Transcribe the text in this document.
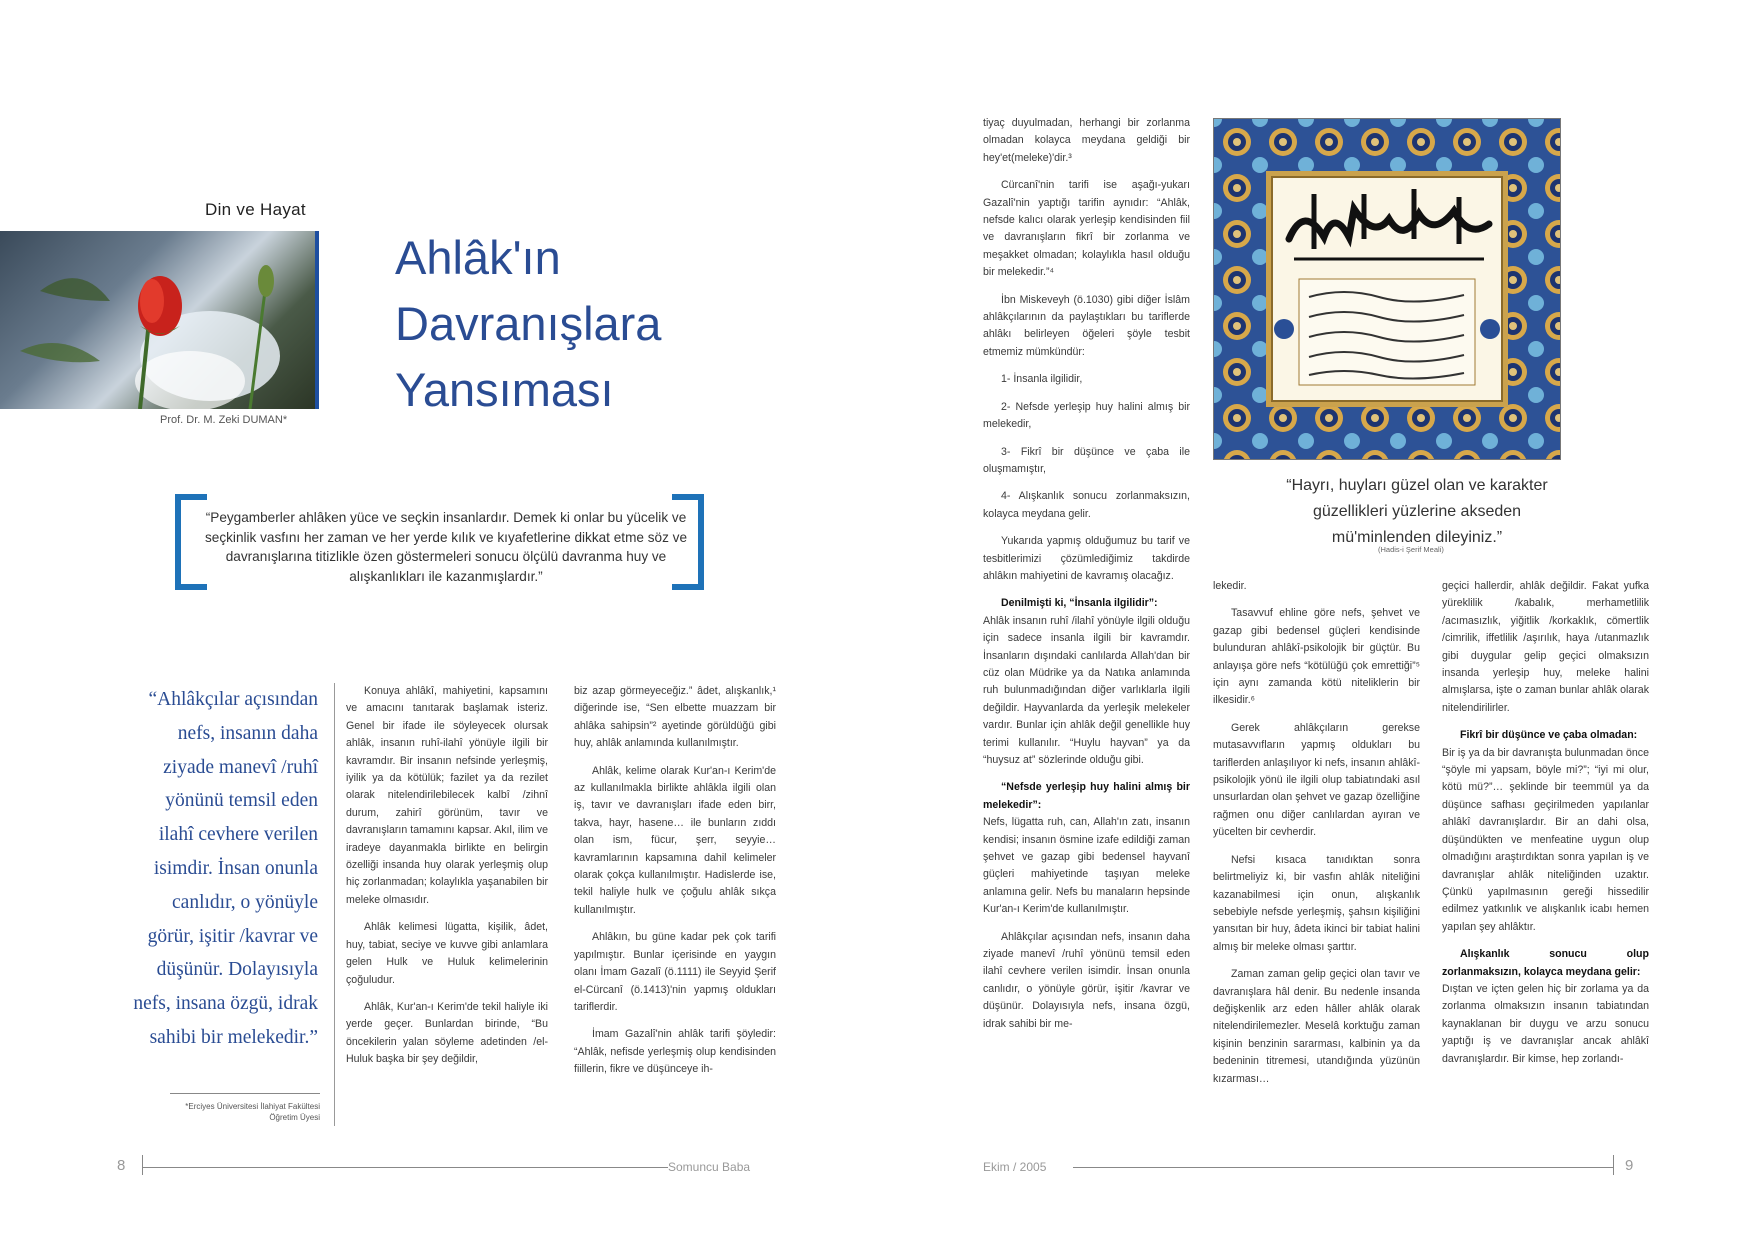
Din ve Hayat
Prof. Dr. M. Zeki DUMAN*
Ahlâk'ın
Davranışlara
Yansıması
“Peygamberler ahlâken yüce ve seçkin insanlardır. Demek ki onlar bu yücelik ve seçkinlik vasfını her zaman ve her yerde kılık ve kıyafetlerine dikkat etme söz ve davranışlarına titizlikle özen göstermeleri sonucu ölçülü davranma huy ve alışkanlıkları ile kazanmışlardır.”
“Ahlâkçılar açısından nefs, insanın daha ziyade manevî /ruhî yönünü temsil eden ilahî cevhere verilen isimdir. İnsan onunla canlıdır, o yönüyle görür, işitir /kavrar ve düşünür. Dolayısıyla nefs, insana özgü, idrak sahibi bir melekedir.”
*Erciyes Üniversitesi İlahiyat Fakültesi Öğretim Üyesi

Konuya ahlâkî, mahiyetini, kapsamını ve amacını tanıtarak başlamak isteriz. Genel bir ifade ile söyleyecek olursak ahlâk, insanın ruhî-ilahî yönüyle ilgili bir kavramdır. Bir insanın nefsinde yerleşmiş, iyilik ya da kötülük; fazilet ya da rezilet olarak nitelendirilebilecek kalbî /zihnî durum, zahirî görünüm, tavır ve davranışların tamamını kapsar. Akıl, ilim ve iradeye dayanmakla birlikte en belirgin özelliği insanda huy olarak yerleşmiş olup hiç zorlanmadan; kolaylıkla yaşanabilen bir meleke olmasıdır.

Ahlâk kelimesi lügatta, kişilik, âdet, huy, tabiat, seciye ve kuvve gibi anlamlara gelen Hulk ve Huluk kelimelerinin çoğuludur.

Ahlâk, Kur'an-ı Kerim'de tekil haliyle iki yerde geçer. Bunlardan birinde, “Bu öncekilerin yalan söyleme adetinden /el-Huluk başka bir şey değildir,

biz azap görmeyeceğiz.” âdet, alışkanlık,¹ diğerinde ise, “Sen elbette muazzam bir ahlâka sahipsin”² ayetinde görüldüğü gibi huy, ahlâk anlamında kullanılmıştır.

Ahlâk, kelime olarak Kur'an-ı Kerim'de az kullanılmakla birlikte ahlâkla ilgili olan iş, tavır ve davranışları ifade eden birr, takva, hayr, hasene… ile bunların zıddı olan ism, fücur, şerr, seyyie… kavramlarının kapsamına dahil kelimeler olarak çokça kullanılmıştır. Hadislerde ise, tekil haliyle hulk ve çoğulu ahlâk sıkça kullanılmıştır.

Ahlâkın, bu güne kadar pek çok tarifi yapılmıştır. Bunlar içerisinde en yaygın olanı İmam Gazalî (ö.1111) ile Seyyid Şerif el-Cürcanî (ö.1413)'nin yapmış oldukları tariflerdir.

İmam Gazalî'nin ahlâk tarifi şöyledir: “Ahlâk, nefisde yerleşmiş olup kendisinden fiillerin, fikre ve düşünceye ih-

8	Somuncu Baba

tiyaç duyulmadan, herhangi bir zorlanma olmadan kolayca meydana geldiği bir hey'et(meleke)'dir.³

Cürcanî'nin tarifi ise aşağı-yukarı Gazalî'nin yaptığı tarifin aynıdır: “Ahlâk, nefsde kalıcı olarak yerleşip kendisinden fiil ve davranışların fikrî bir zorlanma ve meşakket olmadan; kolaylıkla hasıl olduğu bir melekedir.”⁴

İbn Miskeveyh (ö.1030) gibi diğer İslâm ahlâkçılarının da paylaştıkları bu tariflerde ahlâkı belirleyen öğeleri şöyle tesbit etmemiz mümkündür:

1- İnsanla ilgilidir,

2- Nefsde yerleşip huy halini almış bir melekedir,

3- Fikrî bir düşünce ve çaba ile oluşmamıştır,

4- Alışkanlık sonucu zorlanmaksızın, kolayca meydana gelir.

Yukarıda yapmış olduğumuz bu tarif ve tesbitlerimizi çözümlediğimiz takdirde ahlâkın mahiyetini de kavramış olacağız.

Denilmişti ki, “İnsanla ilgilidir”:

Ahlâk insanın ruhî /ilahî yönüyle ilgili olduğu için sadece insanla ilgili bir kavramdır. İnsanların dışındaki canlılarda Allah'dan bir cüz olan Müdrike ya da Natıka anlamında ruh bulunmadığından diğer varlıklarla ilgili değildir. Hayvanlarda da yerleşik melekeler vardır. Bunlar için ahlâk değil genellikle huy terimi kullanılır. “Huylu hayvan” ya da “huysuz at” sözlerinde olduğu gibi.

“Nefsde yerleşip huy halini almış bir melekedir”:

Nefs, lügatta ruh, can, Allah'ın zatı, insanın kendisi; insanın ösmine izafe edildiği zaman şehvet ve gazap gibi bedensel hayvanî güçleri mahiyetinde taşıyan meleke anlamına gelir. Nefs bu manaların hepsinde Kur'an-ı Kerim'de kullanılmıştır.

Ahlâkçılar açısından nefs, insanın daha ziyade manevî /ruhî yönünü temsil eden ilahî cevhere verilen isimdir. İnsan onunla canlıdır, o yönüyle görür, işitir /kavrar ve düşünür. Dolayısıyla nefs, insana özgü, idrak sahibi bir me-

“Hayrı, huyları güzel olan ve karakter güzellikleri yüzlerine akseden mü'minlenden dileyiniz.”
(Hadis-i Şerif Meali)

lekedir.

Tasavvuf ehline göre nefs, şehvet ve gazap gibi bedensel güçleri kendisinde bulunduran ahlâkî-psikolojik bir güçtür. Bu anlayışa göre nefs “kötülüğü çok emrettiği”⁵ için aynı zamanda kötü niteliklerin bir ilkesidir.⁶

Gerek ahlâkçıların gerekse mutasavvıfların yapmış oldukları bu tariflerden anlaşılıyor ki nefs, insanın ahlâkî-psikolojik yönü ile ilgili olup tabiatındaki asıl unsurlardan olan şehvet ve gazap özelliğine rağmen onu diğer canlılardan ayıran ve yücelten bir cevherdir.

Nefsi kısaca tanıdıktan sonra belirtmeliyiz ki, bir vasfın ahlâk niteliğini kazanabilmesi için onun, alışkanlık sebebiyle nefsde yerleşmiş, şahsın kişiliğini yansıtan bir huy, âdeta ikinci bir tabiat halini almış bir meleke olması şarttır.

Zaman zaman gelip geçici olan tavır ve davranışlara hâl denir. Bu nedenle insanda değişkenlik arz eden hâller ahlâk olarak nitelendirilemezler. Meselâ korktuğu zaman kişinin benzinin sararması, kalbinin ya da bedeninin titremesi, utandığında yüzünün kızarması…

geçici hallerdir, ahlâk değildir. Fakat yufka yüreklilik /kabalık, merhametlilik /acımasızlık, yiğitlik /korkaklık, cömertlik /cimrilik, iffetlilik /aşırılık, haya /utanmazlık gibi duygular gelip geçici olmaksızın insanda yerleşip huy, meleke halini almışlarsa, işte o zaman bunlar ahlâk olarak nitelendirilirler.

Fikrî bir düşünce ve çaba olmadan:

Bir iş ya da bir davranışta bulunmadan önce “şöyle mi yapsam, böyle mi?”; “iyi mi olur, kötü mü?”… şeklinde bir teemmül ya da düşünce safhası geçirilmeden yapılanlar ahlâkî davranışlardır. Bir an dahi olsa, düşündükten ve menfeatine uygun olup olmadığını araştırdıktan sonra yapılan iş ve davranışlar ahlâk niteliğinden uzaktır. Çünkü yapılmasının gereği hissedilir edilmez yatkınlık ve alışkanlık icabı hemen yapılan şey ahlâktır.

Alışkanlık sonucu olup zorlanmaksızın, kolayca meydana gelir:

Dıştan ve içten gelen hiç bir zorlama ya da zorlanma olmaksızın insanın tabiatından kaynaklanan bir duygu ve arzu sonucu yaptığı iş ve davranışlar ancak ahlâkî davranışlardır. Bir kimse, hep zorlandı-

Ekim / 2005	9
